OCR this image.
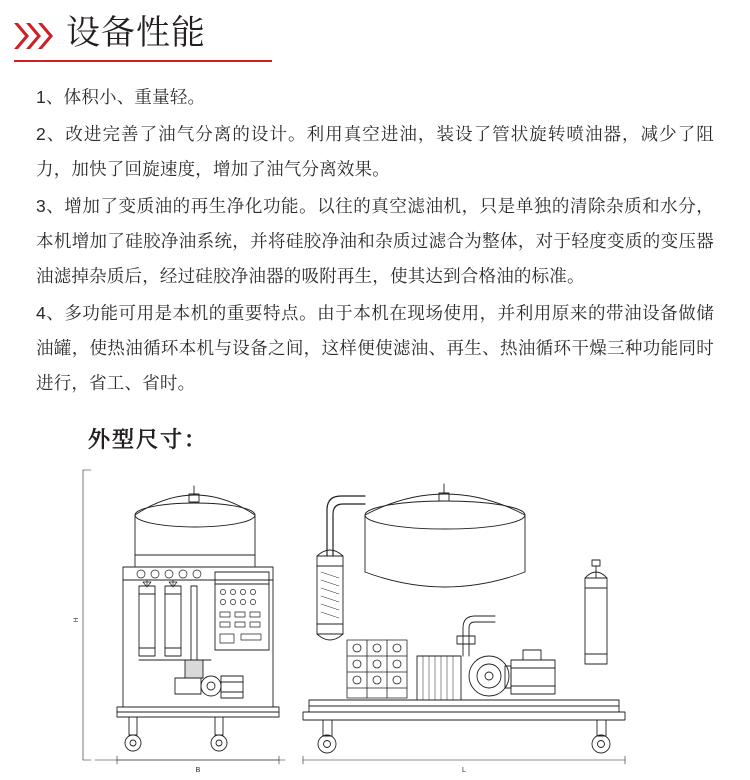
设备性能

1、体积小、重量轻。

2、改进完善了油气分离的设计。利用真空进油，装设了管状旋转喷油器，减少了阻力，加快了回旋速度，增加了油气分离效果。

3、增加了变质油的再生净化功能。以往的真空滤油机，只是单独的清除杂质和水分，本机增加了硅胶净油系统，并将硅胶净油和杂质过滤合为整体，对于轻度变质的变压器油滤掉杂质后，经过硅胶净油器的吸附再生，使其达到合格油的标准。

4、多功能可用是本机的重要特点。由于本机在现场使用，并利用原来的带油设备做储油罐，使热油循环本机与设备之间，这样便使滤油、再生、热油循环干燥三种功能同时进行，省工、省时。

外型尺寸：
H
B	L
